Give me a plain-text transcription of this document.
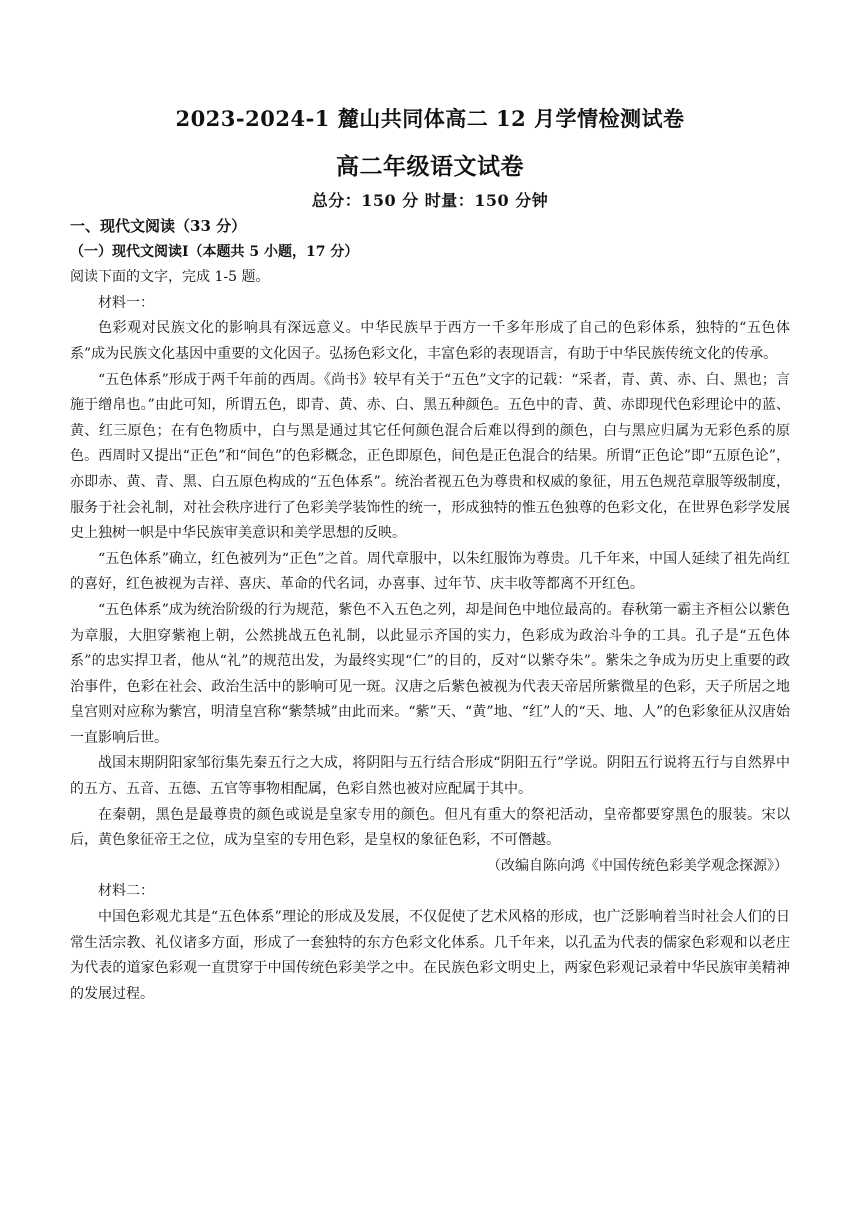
2023-2024-1 麓山共同体高二 12 月学情检测试卷
高二年级语文试卷
总分：150 分 时量：150 分钟

一、现代文阅读（33 分）

（一）现代文阅读Ⅰ（本题共 5 小题，17 分）

阅读下面的文字，完成 1-5 题。

材料一：

色彩观对民族文化的影响具有深远意义。中华民族早于西方一千多年形成了自己的色彩体系，独特的“五色体系”成为民族文化基因中重要的文化因子。弘扬色彩文化，丰富色彩的表现语言，有助于中华民族传统文化的传承。

“五色体系”形成于两千年前的西周。《尚书》较早有关于“五色”文字的记载：“采者，青、黄、赤、白、黑也；言施于缯帛也。”由此可知，所谓五色，即青、黄、赤、白、黑五种颜色。五色中的青、黄、赤即现代色彩理论中的蓝、黄、红三原色；在有色物质中，白与黑是通过其它任何颜色混合后难以得到的颜色，白与黑应归属为无彩色系的原色。西周时又提出“正色”和“间色”的色彩概念，正色即原色，间色是正色混合的结果。所谓“正色论”即“五原色论”，亦即赤、黄、青、黑、白五原色构成的“五色体系”。统治者视五色为尊贵和权威的象征，用五色规范章服等级制度，服务于社会礼制，对社会秩序进行了色彩美学装饰性的统一，形成独特的惟五色独尊的色彩文化，在世界色彩学发展史上独树一帜是中华民族审美意识和美学思想的反映。

“五色体系”确立，红色被列为“正色”之首。周代章服中，以朱红服饰为尊贵。几千年来，中国人延续了祖先尚红的喜好，红色被视为吉祥、喜庆、革命的代名词，办喜事、过年节、庆丰收等都离不开红色。

“五色体系”成为统治阶级的行为规范，紫色不入五色之列，却是间色中地位最高的。春秋第一霸主齐桓公以紫色为章服，大胆穿紫袍上朝，公然挑战五色礼制，以此显示齐国的实力，色彩成为政治斗争的工具。孔子是“五色体系”的忠实捍卫者，他从“礼”的规范出发，为最终实现“仁”的目的，反对“以紫夺朱”。紫朱之争成为历史上重要的政治事件，色彩在社会、政治生活中的影响可见一斑。汉唐之后紫色被视为代表天帝居所紫微星的色彩，天子所居之地皇宫则对应称为紫宫，明清皇宫称“紫禁城”由此而来。“紫”天、“黄”地、“红”人的“天、地、人”的色彩象征从汉唐始一直影响后世。

战国末期阴阳家邹衍集先秦五行之大成，将阴阳与五行结合形成“阴阳五行”学说。阴阳五行说将五行与自然界中的五方、五音、五德、五官等事物相配属，色彩自然也被对应配属于其中。

在秦朝，黑色是最尊贵的颜色或说是皇家专用的颜色。但凡有重大的祭祀活动，皇帝都要穿黑色的服装。宋以后，黄色象征帝王之位，成为皇室的专用色彩，是皇权的象征色彩，不可僭越。

（改编自陈向鸿《中国传统色彩美学观念探源》）

材料二：

中国色彩观尤其是“五色体系”理论的形成及发展，不仅促使了艺术风格的形成，也广泛影响着当时社会人们的日常生活宗教、礼仪诸多方面，形成了一套独特的东方色彩文化体系。几千年来，以孔孟为代表的儒家色彩观和以老庄为代表的道家色彩观一直贯穿于中国传统色彩美学之中。在民族色彩文明史上，两家色彩观记录着中华民族审美精神的发展过程。
